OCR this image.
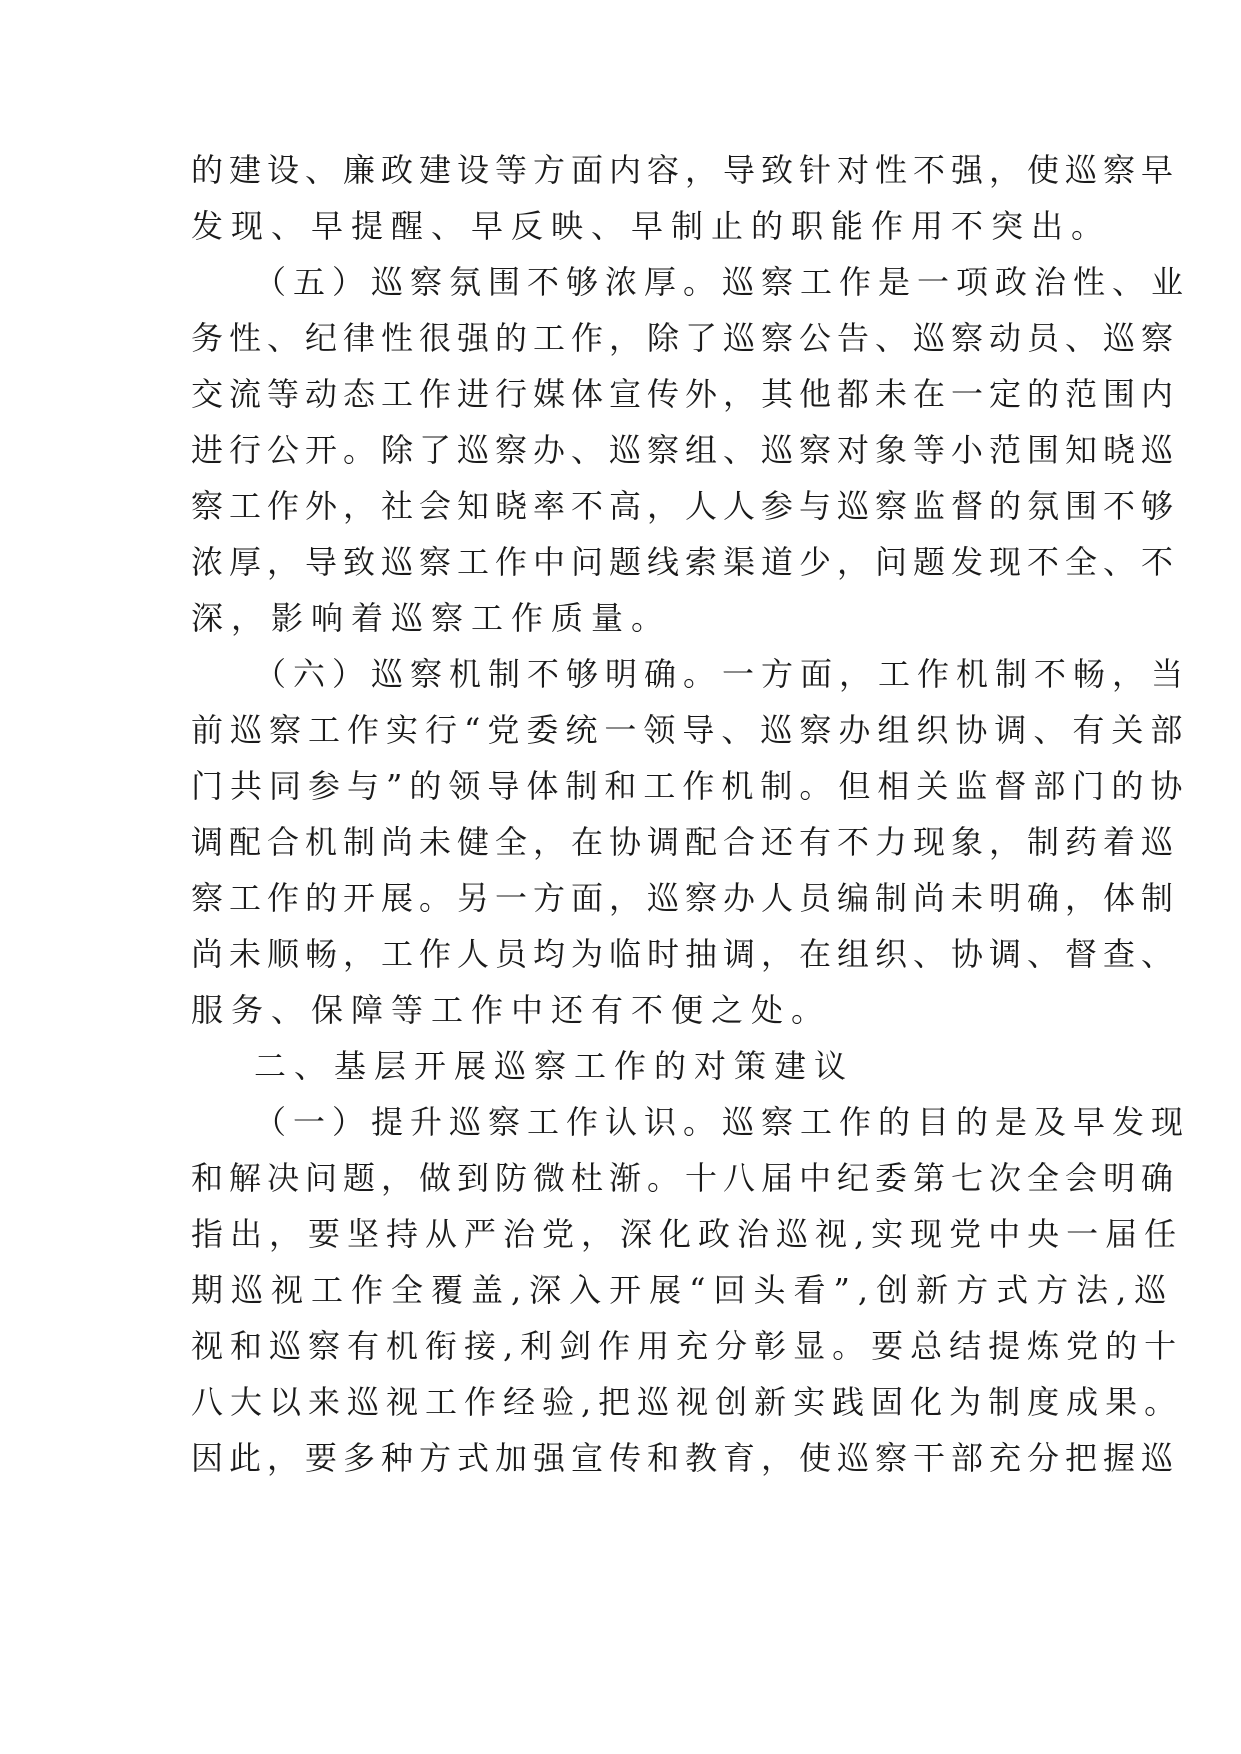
的建设、廉政建设等方面内容，导致针对性不强，使巡察早
发现、早提醒、早反映、早制止的职能作用不突出。
（五）巡察氛围不够浓厚。巡察工作是一项政治性、业
务性、纪律性很强的工作，除了巡察公告、巡察动员、巡察
交流等动态工作进行媒体宣传外，其他都未在一定的范围内
进行公开。除了巡察办、巡察组、巡察对象等小范围知晓巡
察工作外，社会知晓率不高，人人参与巡察监督的氛围不够
浓厚，导致巡察工作中问题线索渠道少，问题发现不全、不
深，影响着巡察工作质量。
（六）巡察机制不够明确。一方面，工作机制不畅，当
前巡察工作实行“党委统一领导、巡察办组织协调、有关部
门共同参与”的领导体制和工作机制。但相关监督部门的协
调配合机制尚未健全，在协调配合还有不力现象，制药着巡
察工作的开展。另一方面，巡察办人员编制尚未明确，体制
尚未顺畅，工作人员均为临时抽调，在组织、协调、督查、
服务、保障等工作中还有不便之处。
二、基层开展巡察工作的对策建议
（一）提升巡察工作认识。巡察工作的目的是及早发现
和解决问题，做到防微杜渐。十八届中纪委第七次全会明确
指出，要坚持从严治党，深化政治巡视,实现党中央一届任
期巡视工作全覆盖,深入开展“回头看”,创新方式方法,巡
视和巡察有机衔接,利剑作用充分彰显。要总结提炼党的十
八大以来巡视工作经验,把巡视创新实践固化为制度成果。
因此，要多种方式加强宣传和教育，使巡察干部充分把握巡
